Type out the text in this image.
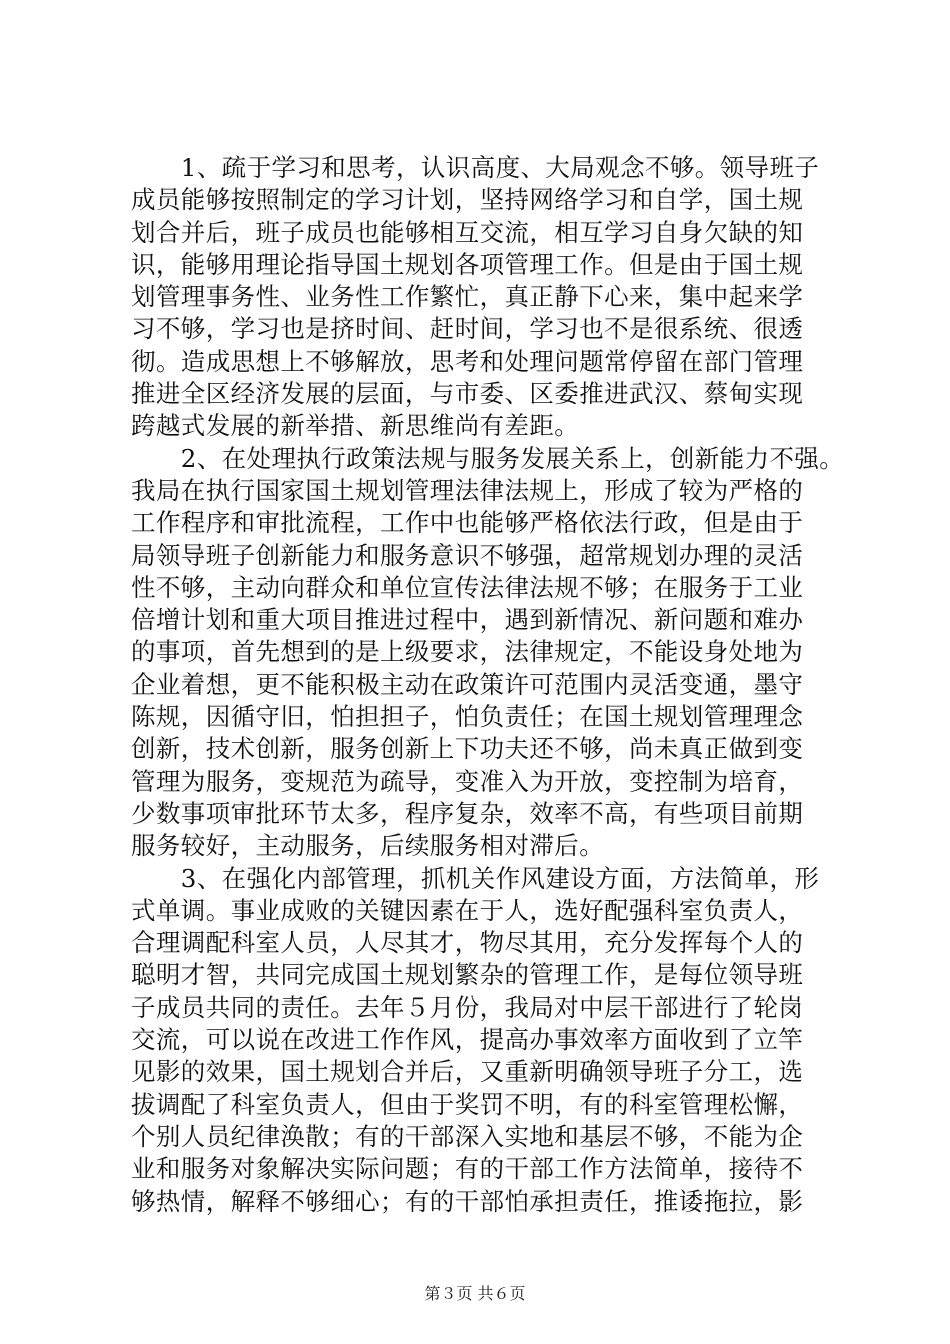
　　1、疏于学习和思考，认识高度、大局观念不够。领导班子
成员能够按照制定的学习计划，坚持网络学习和自学，国土规
划合并后，班子成员也能够相互交流，相互学习自身欠缺的知
识，能够用理论指导国土规划各项管理工作。但是由于国土规
划管理事务性、业务性工作繁忙，真正静下心来，集中起来学
习不够，学习也是挤时间、赶时间，学习也不是很系统、很透
彻。造成思想上不够解放，思考和处理问题常停留在部门管理
推进全区经济发展的层面，与市委、区委推进武汉、蔡甸实现
跨越式发展的新举措、新思维尚有差距。
　　2、在处理执行政策法规与服务发展关系上，创新能力不强。
我局在执行国家国土规划管理法律法规上，形成了较为严格的
工作程序和审批流程，工作中也能够严格依法行政，但是由于
局领导班子创新能力和服务意识不够强，超常规划办理的灵活
性不够，主动向群众和单位宣传法律法规不够；在服务于工业
倍增计划和重大项目推进过程中，遇到新情况、新问题和难办
的事项，首先想到的是上级要求，法律规定，不能设身处地为
企业着想，更不能积极主动在政策许可范围内灵活变通，墨守
陈规，因循守旧，怕担担子，怕负责任；在国土规划管理理念
创新，技术创新，服务创新上下功夫还不够，尚未真正做到变
管理为服务，变规范为疏导，变准入为开放，变控制为培育，
少数事项审批环节太多，程序复杂，效率不高，有些项目前期
服务较好，主动服务，后续服务相对滞后。
　　3、在强化内部管理，抓机关作风建设方面，方法简单，形
式单调。事业成败的关键因素在于人，选好配强科室负责人，
合理调配科室人员，人尽其才，物尽其用，充分发挥每个人的
聪明才智，共同完成国土规划繁杂的管理工作，是每位领导班
子成员共同的责任。去年５月份，我局对中层干部进行了轮岗
交流，可以说在改进工作作风，提高办事效率方面收到了立竿
见影的效果，国土规划合并后，又重新明确领导班子分工，选
拔调配了科室负责人，但由于奖罚不明，有的科室管理松懈，
个别人员纪律涣散；有的干部深入实地和基层不够，不能为企
业和服务对象解决实际问题；有的干部工作方法简单，接待不
够热情，解释不够细心；有的干部怕承担责任，推诿拖拉，影
第３页 共６页
